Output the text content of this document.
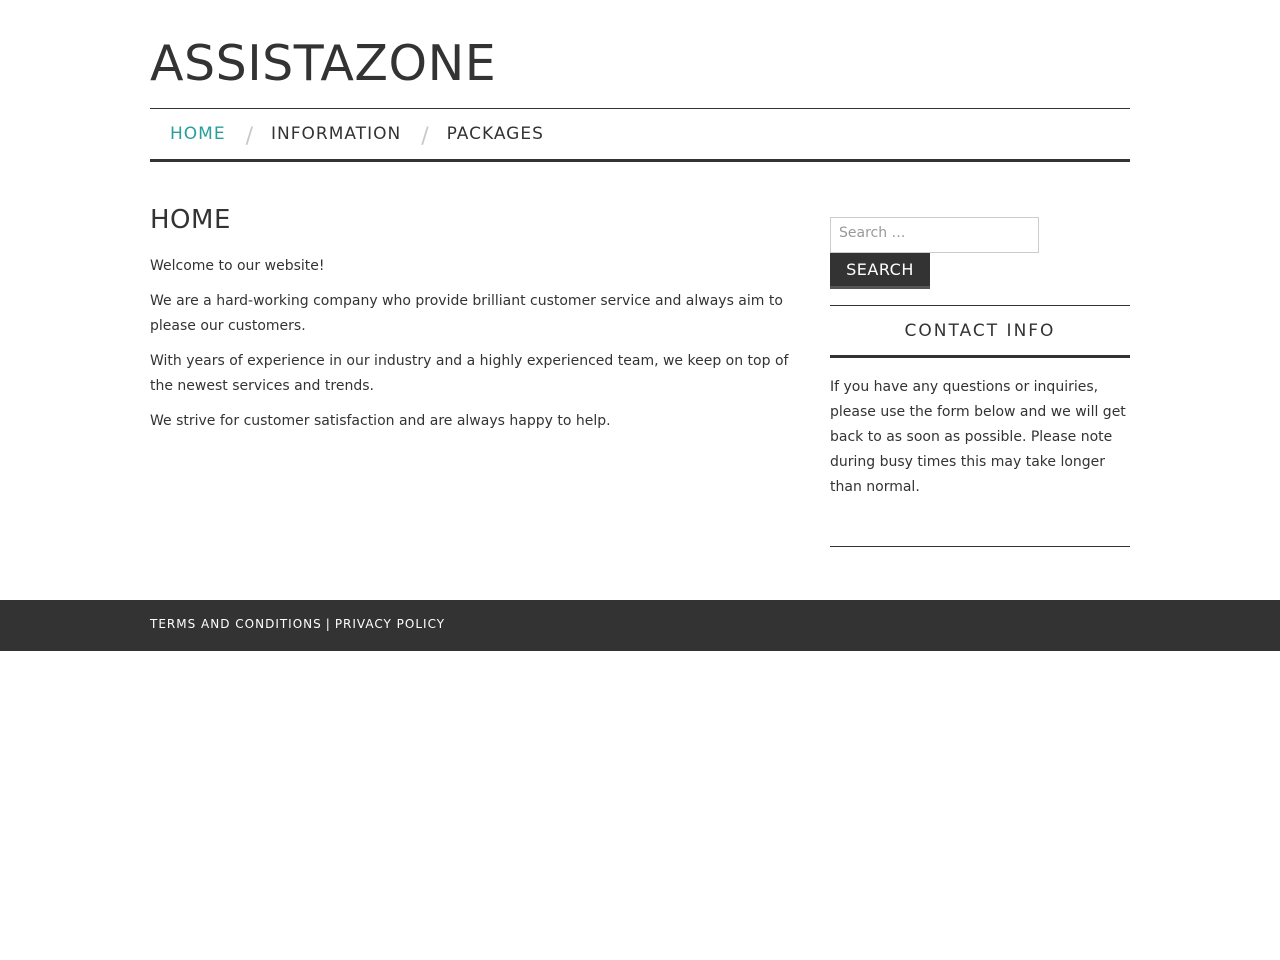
ASSISTAZONE
HOME / INFORMATION / PACKAGES
HOME

Welcome to our website!

We are a hard-working company who provide brilliant customer service and always aim to please our customers.

With years of experience in our industry and a highly experienced team, we keep on top of the newest services and trends.

We strive for customer satisfaction and are always happy to help.

Search …
SEARCH
CONTACT INFO

If you have any questions or inquiries, please use the form below and we will get back to as soon as possible. Please note during busy times this may take longer than normal.

TERMS AND CONDITIONS | PRIVACY POLICY
